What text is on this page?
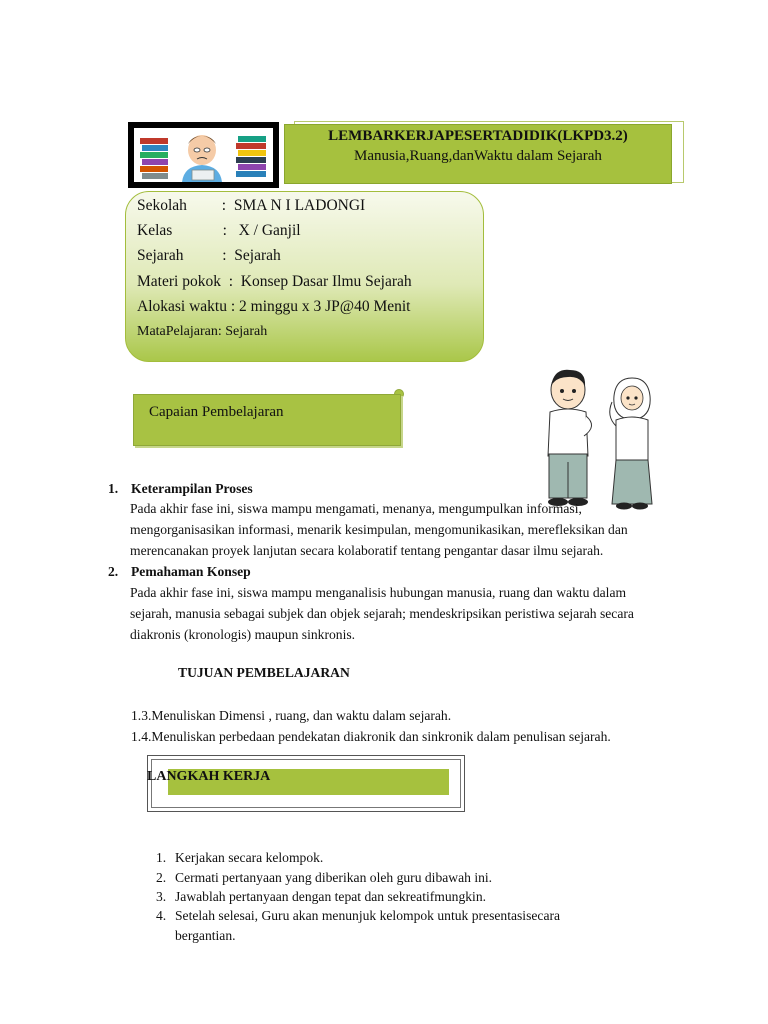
LEMBARKERJAPESERTADIDIK(LKPD3.2)
Manusia,Ruang,danWaktu dalam Sejarah
Sekolah         :  SMA N I LADONGI
Kelas             :   X / Ganjil
Sejarah          :  Sejarah
Materi pokok  :  Konsep Dasar Ilmu Sejarah
Alokasi waktu : 2 minggu x 3 JP@40 Menit
MataPelajaran: Sejarah
Capaian Pembelajaran
1. Keterampilan Proses
Pada akhir fase ini, siswa mampu mengamati, menanya, mengumpulkan informasi,
mengorganisasikan informasi, menarik kesimpulan, mengomunikasikan, merefleksikan dan
merencanakan proyek lanjutan secara kolaboratif tentang pengantar dasar ilmu sejarah.
2. Pemahaman Konsep
Pada akhir fase ini, siswa mampu menganalisis hubungan manusia, ruang dan waktu dalam
sejarah, manusia sebagai subjek dan objek sejarah; mendeskripsikan peristiwa sejarah secara
diakronis (kronologis) maupun sinkronis.
TUJUAN PEMBELAJARAN
1.3.Menuliskan Dimensi , ruang, dan waktu dalam sejarah.
1.4.Menuliskan perbedaan pendekatan diakronik dan sinkronik dalam penulisan sejarah.
LANGKAH KERJA
1. Kerjakan secara kelompok.
2. Cermati pertanyaan yang diberikan oleh guru dibawah ini.
3. Jawablah pertanyaan dengan tepat dan sekreatifmungkin.
4. Setelah selesai, Guru akan menunjuk kelompok untuk presentasisecara
bergantian.
